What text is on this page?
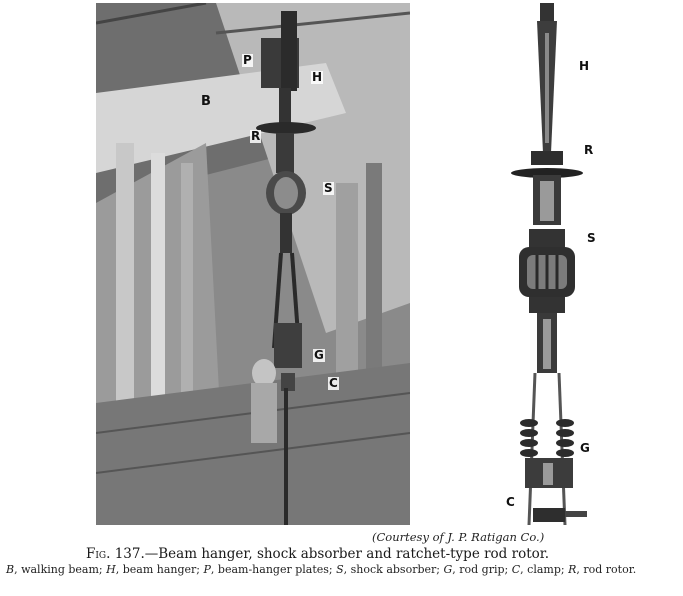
P
H
B
R
S
G
C
H
R
S
G
C
(Courtesy of J. P. Ratigan Co.)
Fig. 137.—Beam hanger, shock absorber and ratchet-type rod rotor.
B, walking beam; H, beam hanger; P, beam-hanger plates; S, shock absorber; G, rod grip; C, clamp; R, rod rotor.
